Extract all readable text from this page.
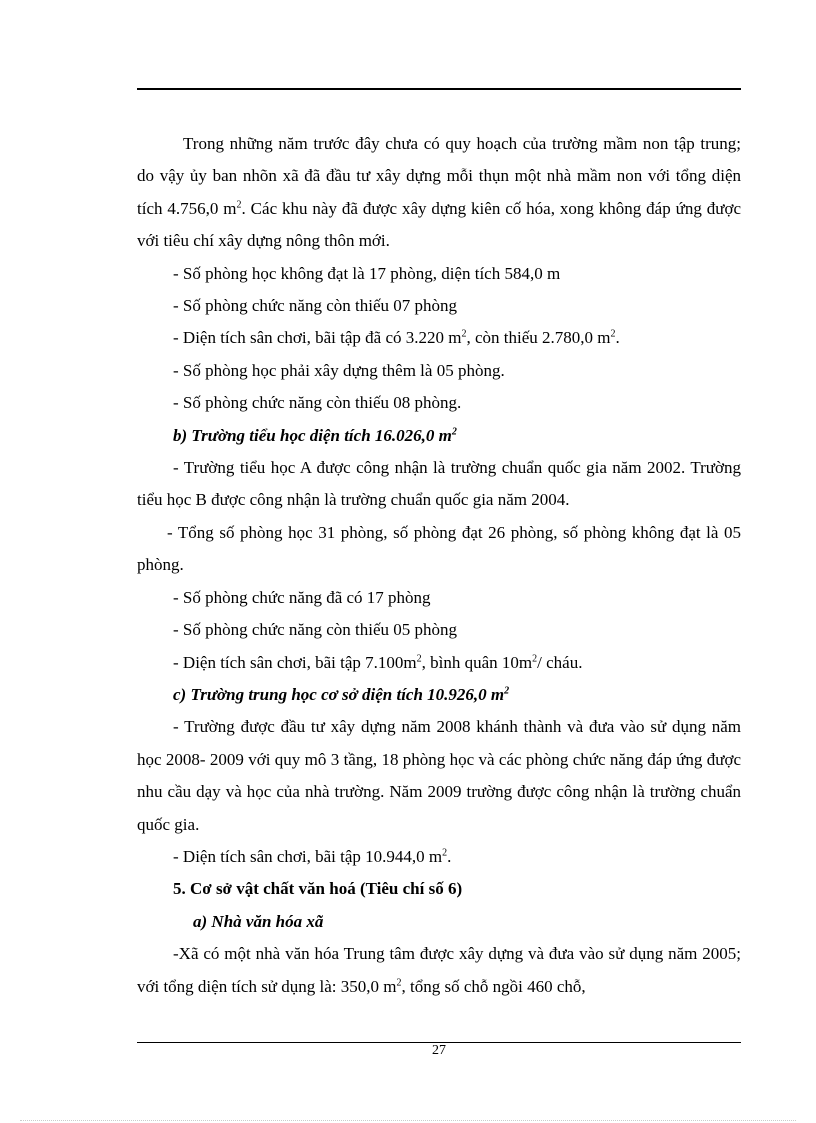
Trong những năm trước đây chưa có quy hoạch của trường mầm non tập trung; do vậy ủy ban nhõn xã đã đầu tư xây dựng mỗi thụn một nhà mầm non với tổng diện tích 4.756,0 $m^2$. Các khu này đã được xây dựng kiên cố hóa, xong không đáp ứng được với tiêu chí xây dựng nông thôn mới.

- Số phòng học không đạt là 17 phòng, diện tích 584,0 m

- Số phòng chức năng còn thiếu 07 phòng

- Diện tích sân chơi, bãi tập đã có 3.220 $m^2$, còn thiếu 2.780,0 $m^2$.

- Số phòng học phải xây dựng thêm là 05 phòng.

- Số phòng chức năng còn thiếu 08 phòng.

b) Trường tiểu học diện tích 16.026,0 $m^2$

- Trường tiểu học A được công nhận là trường chuẩn quốc gia năm 2002. Trường tiểu học B được công nhận là trường chuẩn quốc gia năm 2004.

- Tổng số phòng học 31 phòng, số phòng đạt 26 phòng, số phòng không đạt là 05 phòng.

- Số phòng chức năng đã có 17 phòng

- Số phòng chức năng còn thiếu 05 phòng

- Diện tích sân chơi, bãi tập $7.100m^2$, bình quân $10m^2/$ cháu.

c) Trường trung học cơ sở diện tích 10.926,0 $m^2$

- Trường được đầu tư xây dựng năm 2008 khánh thành và đưa vào sử dụng năm học 2008- 2009 với quy mô 3 tầng, 18 phòng học và các phòng chức năng đáp ứng được nhu cầu dạy và học của nhà trường. Năm 2009 trường được công nhận là trường chuẩn quốc gia.

- Diện tích sân chơi, bãi tập 10.944,0 $m^2$.

5. Cơ sở vật chất văn hoá (Tiêu chí số 6)

a) Nhà văn hóa xã

-Xã có một nhà văn hóa Trung tâm được xây dựng và đưa vào sử dụng năm 2005; với tổng diện tích sử dụng là: 350,0 $m^2$, tổng số chỗ ngồi 460 chỗ,

27
